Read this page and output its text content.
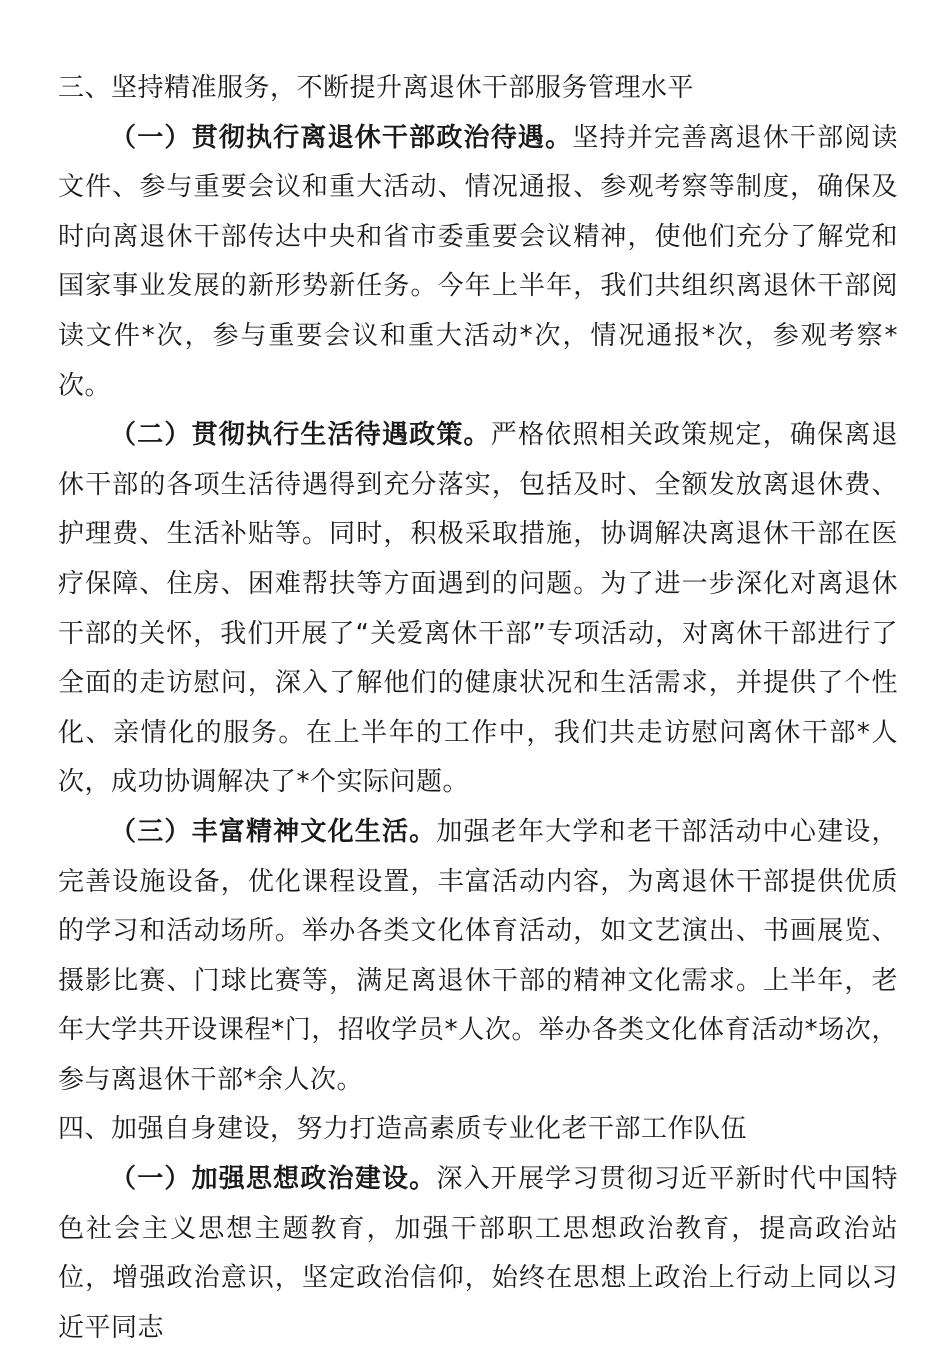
三、坚持精准服务，不断提升离退休干部服务管理水平

（一）贯彻执行离退休干部政治待遇。坚持并完善离退休干部阅读文件、参与重要会议和重大活动、情况通报、参观考察等制度，确保及时向离退休干部传达中央和省市委重要会议精神，使他们充分了解党和国家事业发展的新形势新任务。今年上半年，我们共组织离退休干部阅读文件*次，参与重要会议和重大活动*次，情况通报*次，参观考察*次。

（二）贯彻执行生活待遇政策。严格依照相关政策规定，确保离退休干部的各项生活待遇得到充分落实，包括及时、全额发放离退休费、护理费、生活补贴等。同时，积极采取措施，协调解决离退休干部在医疗保障、住房、困难帮扶等方面遇到的问题。为了进一步深化对离退休干部的关怀，我们开展了“关爱离休干部”专项活动，对离休干部进行了全面的走访慰问，深入了解他们的健康状况和生活需求，并提供了个性化、亲情化的服务。在上半年的工作中，我们共走访慰问离休干部*人次，成功协调解决了*个实际问题。

（三）丰富精神文化生活。加强老年大学和老干部活动中心建设，完善设施设备，优化课程设置，丰富活动内容，为离退休干部提供优质的学习和活动场所。举办各类文化体育活动，如文艺演出、书画展览、摄影比赛、门球比赛等，满足离退休干部的精神文化需求。上半年，老年大学共开设课程*门，招收学员*人次。举办各类文化体育活动*场次，参与离退休干部*余人次。

四、加强自身建设，努力打造高素质专业化老干部工作队伍

（一）加强思想政治建设。深入开展学习贯彻习近平新时代中国特色社会主义思想主题教育，加强干部职工思想政治教育，提高政治站位，增强政治意识，坚定政治信仰，始终在思想上政治上行动上同以习近平同志
